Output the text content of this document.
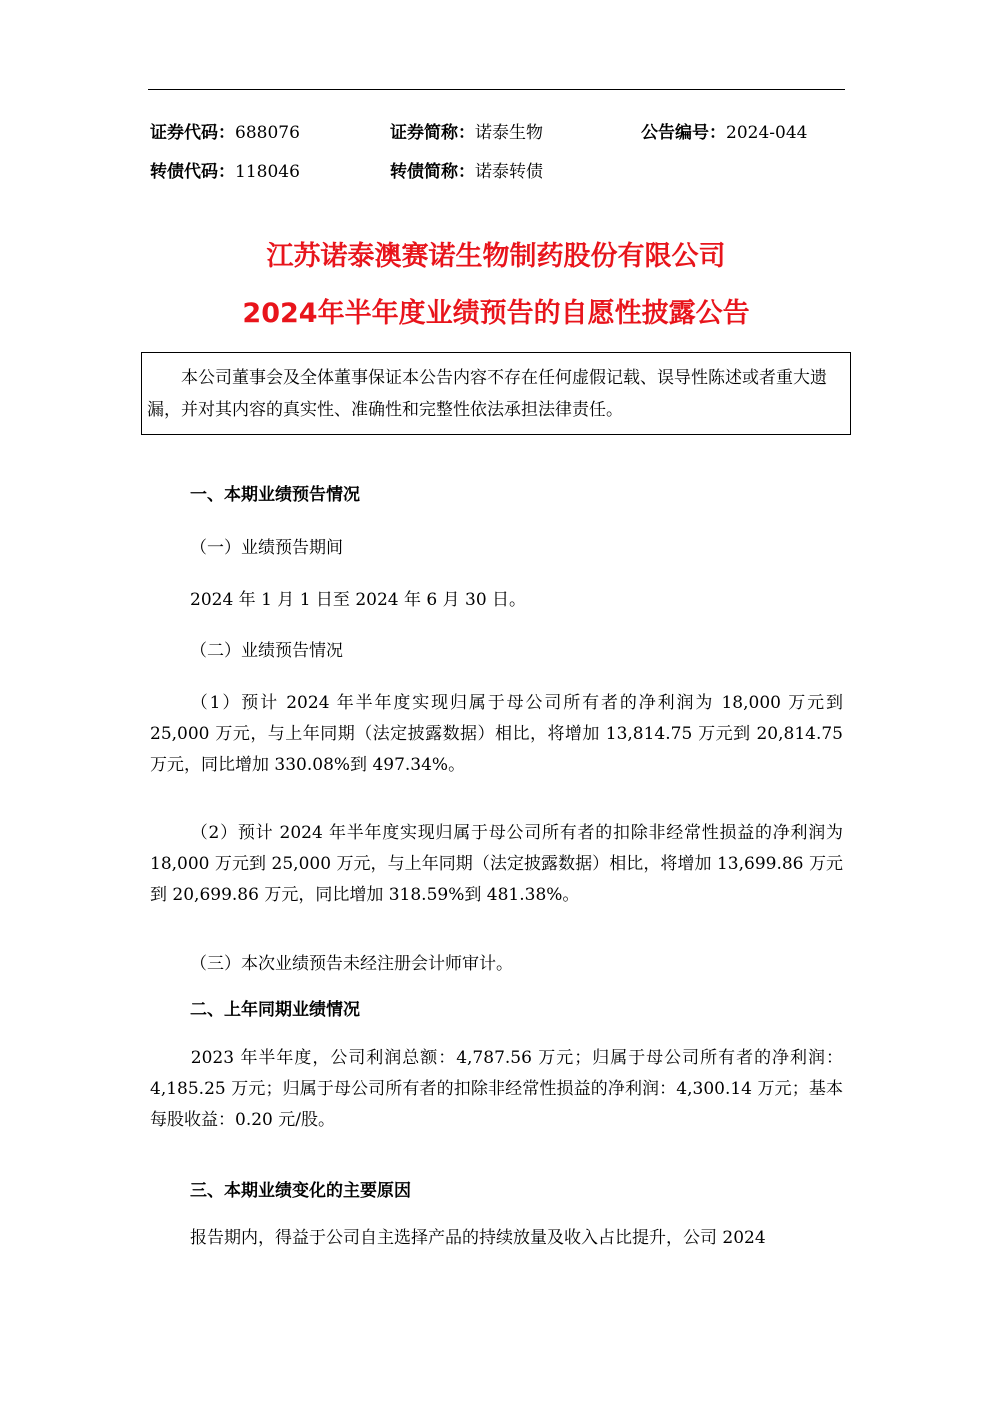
证券代码：688076	证券简称：诺泰生物	公告编号：2024-044
转债代码：118046	转债简称：诺泰转债
江苏诺泰澳赛诺生物制药股份有限公司
2024年半年度业绩预告的自愿性披露公告
本公司董事会及全体董事保证本公告内容不存在任何虚假记载、误导性陈述或者重大遗漏，并对其内容的真实性、准确性和完整性依法承担法律责任。
一、本期业绩预告情况
（一）业绩预告期间
2024 年 1 月 1 日至 2024 年 6 月 30 日。
（二）业绩预告情况
（1）预计 2024 年半年度实现归属于母公司所有者的净利润为 18,000 万元到 25,000 万元，与上年同期（法定披露数据）相比，将增加 13,814.75 万元到 20,814.75 万元，同比增加 330.08%到 497.34%。
（2）预计 2024 年半年度实现归属于母公司所有者的扣除非经常性损益的净利润为 18,000 万元到 25,000 万元，与上年同期（法定披露数据）相比，将增加 13,699.86 万元到 20,699.86 万元，同比增加 318.59%到 481.38%。
（三）本次业绩预告未经注册会计师审计。
二、上年同期业绩情况
2023 年半年度，公司利润总额：4,787.56 万元；归属于母公司所有者的净利润：4,185.25 万元；归属于母公司所有者的扣除非经常性损益的净利润：4,300.14 万元；基本每股收益：0.20 元/股。
三、本期业绩变化的主要原因
报告期内，得益于公司自主选择产品的持续放量及收入占比提升，公司 2024
